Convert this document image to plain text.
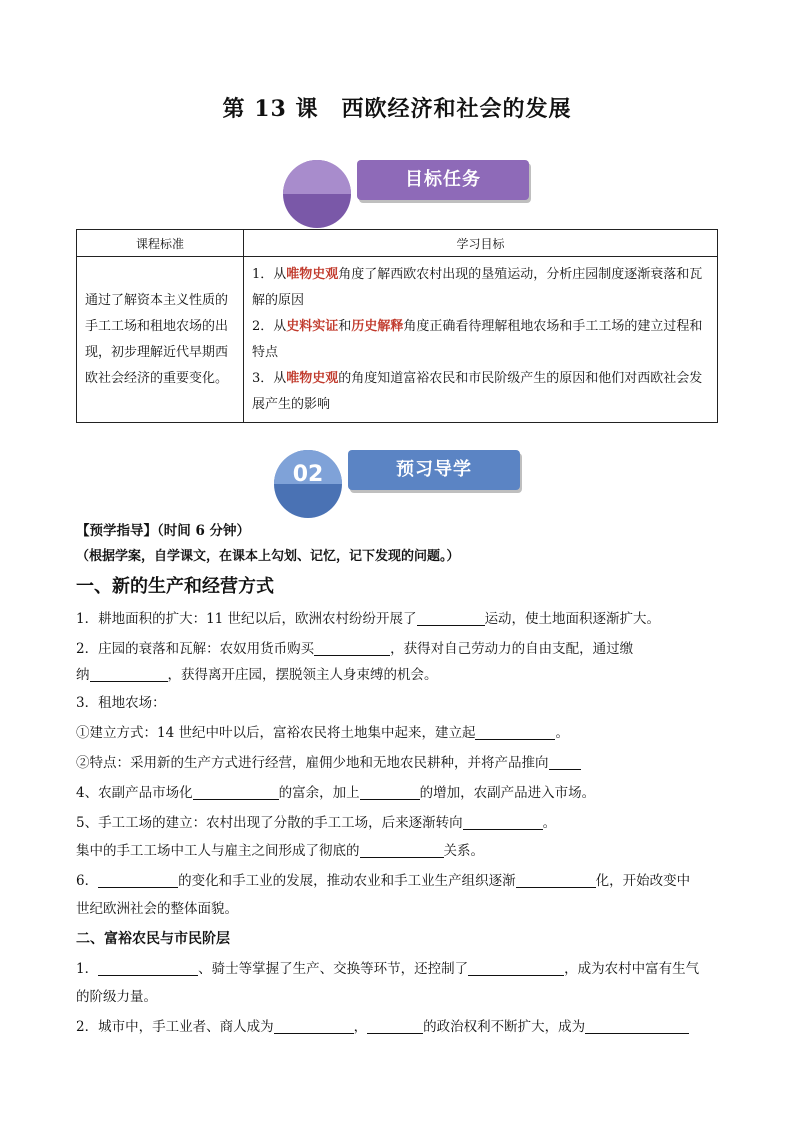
第 13 课　西欧经济和社会的发展
目标任务
课程标准	学习目标
通过了解资本主义性质的手工工场和租地农场的出现，初步理解近代早期西欧社会经济的重要变化。	1．从唯物史观角度了解西欧农村出现的垦殖运动，分析庄园制度逐渐衰落和瓦解的原因
2．从史料实证和历史解释角度正确看待理解租地农场和手工工场的建立过程和特点
3．从唯物史观的角度知道富裕农民和市民阶级产生的原因和他们对西欧社会发展产生的影响
02	预习导学
【预学指导】（时间 6 分钟）
（根据学案，自学课文，在课本上勾划、记忆，记下发现的问题。）
一、新的生产和经营方式
1．耕地面积的扩大：11 世纪以后，欧洲农村纷纷开展了	运动，使土地面积逐渐扩大。
2．庄园的衰落和瓦解：农奴用货币购买	，获得对自己劳动力的自由支配，通过缴
纳	，获得离开庄园，摆脱领主人身束缚的机会。
3．租地农场：
①建立方式：14 世纪中叶以后，富裕农民将土地集中起来，建立起	。
②特点：采用新的生产方式进行经营，雇佣少地和无地农民耕种，并将产品推向
4、农副产品市场化	的富余，加上	的增加，农副产品进入市场。
5、手工工场的建立：农村出现了分散的手工工场，后来逐渐转向	。
集中的手工工场中工人与雇主之间形成了彻底的	关系。
6．	的变化和手工业的发展，推动农业和手工业生产组织逐渐	化，开始改变中
世纪欧洲社会的整体面貌。
二、富裕农民与市民阶层
1．	、骑士等掌握了生产、交换等环节，还控制了	，成为农村中富有生气
的阶级力量。
2．城市中，手工业者、商人成为	，	的政治权利不断扩大，成为
